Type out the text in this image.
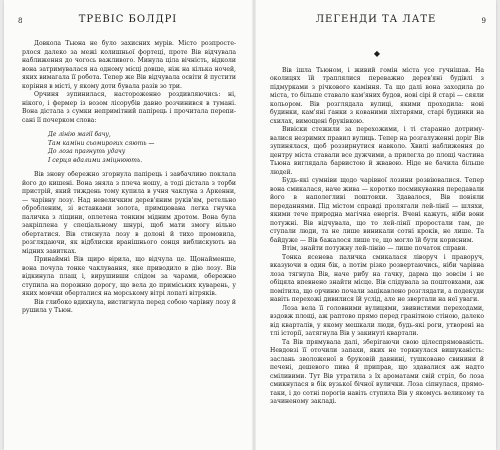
8	ТРЕВІС БОЛДРІ

Довкола Тьюна не було захисних мурів. Місто розпростерлося далеко за межі колишньої фортеці, проте Вів відчувала наближення до чогось важливого. Минула ціла вічність, відколи вона затримувалася на одному місці довше, ніж на кілька ночей, яких вимагала її робота. Тепер же Вів відчувала освіти й пустити коріння в місті, у якому доти бувала разів зо три.

Орчиня зупинилася, настороженно роздивляючись: ні, нікого, і фермер із возом лісорубів давно розчинився в тумані. Вона дістала з сумки непримітний папірець і прочитала переписані її почерком слова:

Де лінію магії бачу,
Там каміни сьомирогих сяють —
До лоза прагнуть удачу
І серця вдалими зміцнюють.

Вів знову обережно згорнула папірець і завбачливо поклала його до кишені. Вона зняла з плеча ношу, а тоді дістала з торби пристрій, який тиждень тому купила в учня чаклуна з Аркенни, — чарівну лозу. Над невеличким дерев'яним руків'ям, ретельно обробленим, зі вставками золота, примцювана легка гнучка паличка з ліщини, оплетена тонким мідним дротом. Вона була закріплена у спеціальному шнурі, щоб мати змогу вільно обертатися. Вів стиснула лозу в долоні й тихо промовила, розглядаючи, як відблиски вранішнього сонця виблискують на мідних завитках.

Принаймні Вів щиро вірила, що відчула це. Щонайменше, вона почула тонке чаклування, яке приводило в дію лозу. Вів відкинула плащ і, вирушивши слідом за чарами, обережно ступила на порожню дорогу, що вела до приміських куварень, у яких мовчки оберталися на морському вітрі лопаті вітряків.

Вів глибоко вдихнула, вистигнула перед собою чарівну лозу й рушила у Тьюн.

ЛЕГЕНДИ ТА ЛАТЕ	9
◆

Вів ішла Тьюном, і живий гомін міста усе гучнішав. На околицях їй траплялися переважно дерев'яні будівлі з підмурками з річкового каміння. Та що далі вона заходила до міста, то більше ставало кам'яних будов, нові сірі й старі — сяяли кольором. Вів розглядала вулиці, якими проходила: нові будинки, кам'яні ґанки з кованими ліхтарями, старі будинки на схилах, вимощені бруківкою.

Вивіски стежили за перехожими, і ті старанно дотримувалися незримих правил вулиць. Тепер на розгалуженні доріг Вів зупинялася, щоб роззирнутися навколо. Хвилі наближення до центру міста ставали все дужчими, а прилегла до площі частина Тьюна виглядала барвистою й жвавою. Ніде не бачила більше людей.

Будь-які сумніви щодо чарівної лозини розвіювалися. Тепер вона смикалася, наче жива — коротко посмикування передавали його в наполегливі поштовхи. Здавалося, Вів повіяли переданнями. Під містом справді пролягали лей-лінії — шляхи, якими тече природна магічна енергія. Вчені кажуть, ніби вони потужні. Вів відчувала, що то лей-лінії проростали там, де ступали люди, та не лише виникали сотні кроків, не лише. Та байдуже — Вів бажалося лише те, що могло їй бути корисним.

Втім, знайти потужну лей-лінію — лише початок справи.

Тонка ясенева паличка смикалася ліворуч і праворуч, вказуючи в один бік, а потім різко розвертаючись, ніби чарівна лоза тягнула Вів, наче рибу на гачку, дарма що зовсім і не обіцяла впевнено знайти місце. Вів слідувала за поштовхами, аж помітила, що орчиню почали зацікавлено розглядати, а подекуди навіть перехожі дивилися їй услід, але не звертали на неї уваги.

Лоза вела її головними вулицями, звивистими переходами, вздовж площі, аж раптово прямо перед гранітною стіною, далеко від кварталів, у якому мешкали люди, будь-які роги, утворені на тлі історії, затягнула Вів у закинуті квартали.

Та Вів прямувала далі, зберігаючи свою цілеспрямованість. Невдовзі її оточили запахи, яких не торкнулася вишуканість: заслань зволоженої в бруковій давнині, тушковано свинини й печені, дешевого пива й приправ, що здавалися аж надто сміливими. Тут Вів утратила з їх ароматами свій стріл, бо лоза смикнулася в бік вузької бічної вулички. Лоза сіпнулася, прямо-таки, і до сотні порогів навіть ступила Вів у якомусь великому та зачиненому закладі.
